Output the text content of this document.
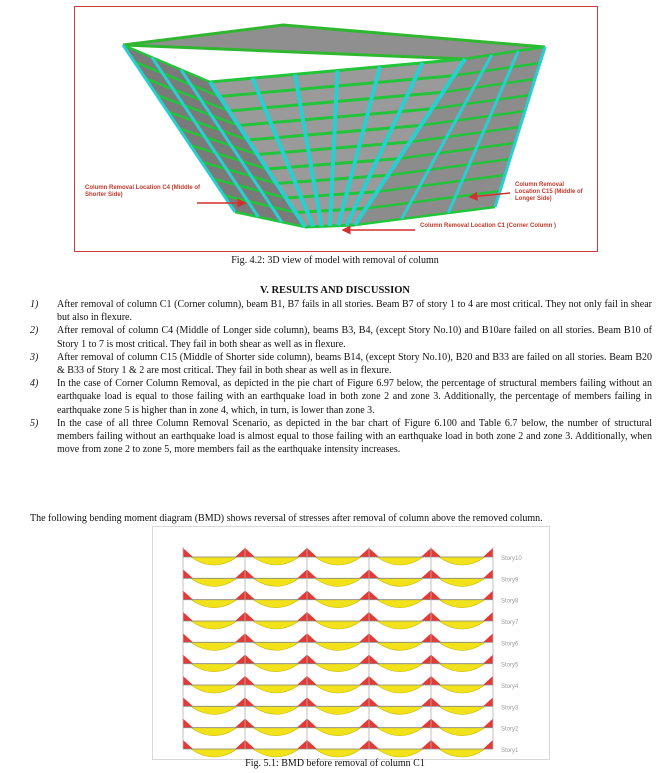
Column Removal Location C4 (Middle of Shorter Side)
Column Removal Location C15 (Middle of Longer Side)
Column Removal Location C1 (Corner Column )
Fig. 4.2: 3D view of model with removal of column
V. RESULTS AND DISCUSSION
1) After removal of column C1 (Corner column), beam B1, B7 fails in all stories. Beam B7 of story 1 to 4 are most critical. They not only fail in shear but also in flexure.
2) After removal of column C4 (Middle of Longer side column), beams B3, B4, (except Story No.10) and B10are failed on all stories. Beam B10 of Story 1 to 7 is most critical. They fail in both shear as well as in flexure.
3) After removal of column C15 (Middle of Shorter side column), beams B14, (except Story No.10), B20 and B33 are failed on all stories. Beam B20 & B33 of Story 1 & 2 are most critical. They fail in both shear as well as in flexure.
4) In the case of Corner Column Removal, as depicted in the pie chart of Figure 6.97 below, the percentage of structural members failing without an earthquake load is equal to those failing with an earthquake load in both zone 2 and zone 3. Additionally, the percentage of members failing in earthquake zone 5 is higher than in zone 4, which, in turn, is lower than zone 3.
5) In the case of all three Column Removal Scenario, as depicted in the bar chart of Figure 6.100 and Table 6.7 below, the number of structural members failing without an earthquake load is almost equal to those failing with an earthquake load in both zone 2 and zone 3. Additionally, when move from zone 2 to zone 5, more members fail as the earthquake intensity increases.
The following bending moment diagram (BMD) shows reversal of stresses after removal of column above the removed column.
Story10
Story9
Story8
Story7
Story6
Story5
Story4
Story3
Story2
Story1
Fig. 5.1: BMD before removal of column C1
